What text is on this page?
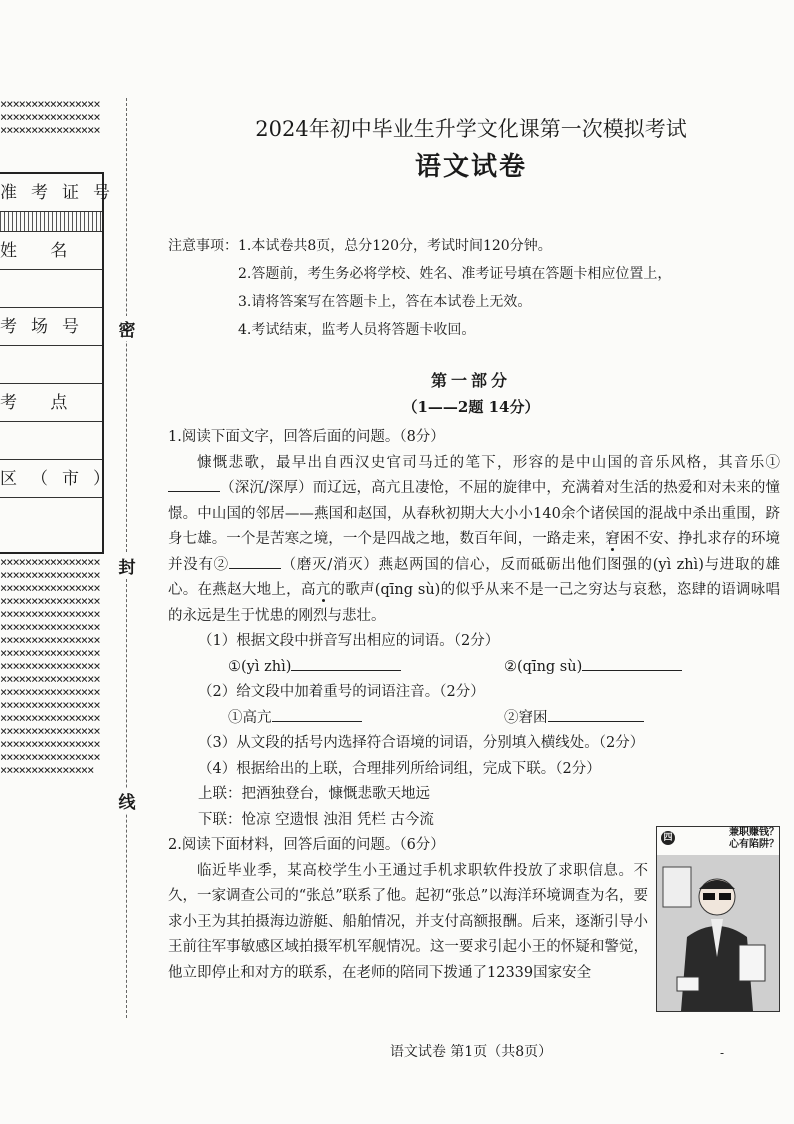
××××××××××××××××××××××××××××××××××××××××××××××××
准考证号
姓 名
考场号
考 点
区（市）
×××××××××××××××××××××××××××××××××××××××××××××××××××××××××××××××××××××××××××××××××××××××××××××××××××××××××××××××××××××××××××××××××××××××××××××××××××××××××××××××××××××××××××××××××××××××××××××××××××××××××××××××××××××××××××××××××××××××××××××××××××××××××××××××××××××××××××××××
密
封
线
2024年初中毕业生升学文化课第一次模拟考试
语文试卷
注意事项：1.本试卷共8页，总分120分，考试时间120分钟。
2.答题前，考生务必将学校、姓名、准考证号填在答题卡相应位置上，
3.请将答案写在答题卡上，答在本试卷上无效。
4.考试结束，监考人员将答题卡收回。
第一部分
（1——2题 14分）

1.阅读下面文字，回答后面的问题。（8分）

慷慨悲歌，最早出自西汉史官司马迁的笔下，形容的是中山国的音乐风格，其音乐①（深沉/深厚）而辽远，高亢且凄怆，不屈的旋律中，充满着对生活的热爱和对未来的憧憬。中山国的邻居——燕国和赵国，从春秋初期大大小小140余个诸侯国的混战中杀出重围，跻身七雄。一个是苦寒之境，一个是四战之地，数百年间，一路走来，窘困不安、挣扎求存的环境并没有②	（磨灭/消灭）燕赵两国的信心，反而砥砺出他们图强的(yì zhì)与进取的雄心。在燕赵大地上，高亢的歌声(qīng sù)的似乎从来不是一己之穷达与哀愁，恣肆的语调咏唱的永远是生于忧患的刚烈与悲壮。

（1）根据文段中拼音写出相应的词语。（2分）

①(yì zhì)	②(qīng sù)

（2）给文段中加着重号的词语注音。（2分）

①高亢	②窘困

（3）从文段的括号内选择符合语境的词语，分别填入横线处。（2分）

（4）根据给出的上联，合理排列所给词组，完成下联。（2分）

上联：把酒独登台，慷慨悲歌天地远

下联：怆凉 空遗恨 浊泪 凭栏 古今流

2.阅读下面材料，回答后面的问题。（6分）

临近毕业季，某高校学生小王通过手机求职软件投放了求职信息。不久，一家调查公司的“张总”联系了他。起初“张总”以海洋环境调查为名，要求小王为其拍摄海边游艇、船舶情况，并支付高额报酬。后来，逐渐引导小王前往军事敏感区域拍摄军机军舰情况。这一要求引起小王的怀疑和警觉，他立即停止和对方的联系，在老师的陪同下拨通了12339国家安全

四	兼职赚钱？
心有陷阱？
语文试卷 第1页（共8页）	-
